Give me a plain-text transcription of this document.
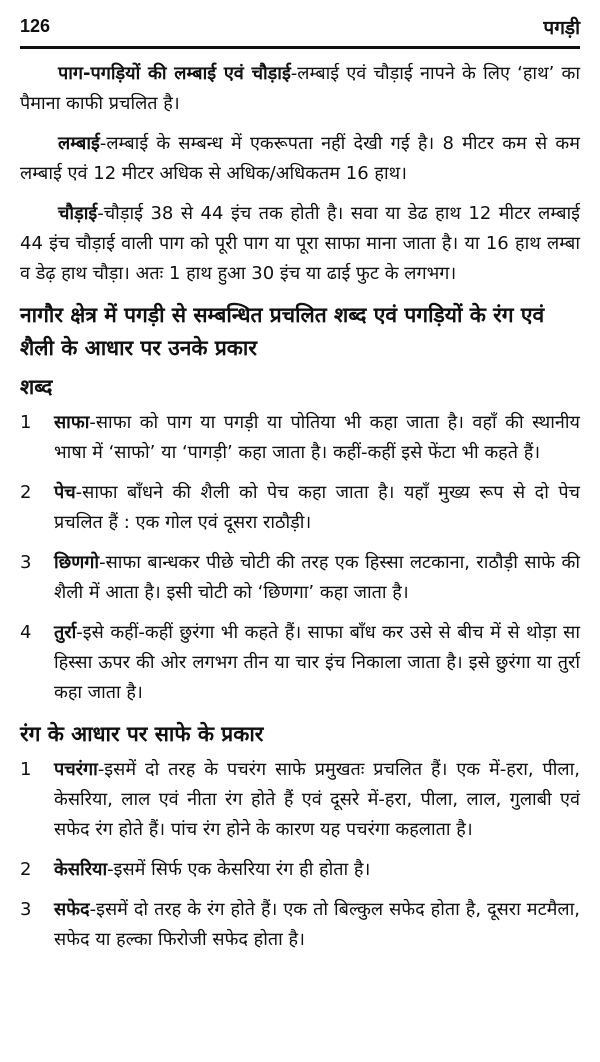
126	पगड़ी

पाग-पगड़ियों की लम्बाई एवं चौड़ाई-लम्बाई एवं चौड़ाई नापने के लिए ‘हाथ’ का पैमाना काफी प्रचलित है।

लम्बाई-लम्बाई के सम्बन्ध में एकरूपता नहीं देखी गई है। 8 मीटर कम से कम लम्बाई एवं 12 मीटर अधिक से अधिक/अधिकतम 16 हाथ।

चौड़ाई-चौड़ाई 38 से 44 इंच तक होती है। सवा या डेढ हाथ 12 मीटर लम्बाई 44 इंच चौड़ाई वाली पाग को पूरी पाग या पूरा साफा माना जाता है। या 16 हाथ लम्बा व डेढ़ हाथ चौड़ा। अतः 1 हाथ हुआ 30 इंच या ढाई फुट के लगभग।

नागौर क्षेत्र में पगड़ी से सम्बन्धित प्रचलित शब्द एवं पगड़ियों के रंग एवं शैली के आधार पर उनके प्रकार
शब्द
1	साफा-साफा को पाग या पगड़ी या पोतिया भी कहा जाता है। वहाँ की स्थानीय भाषा में ‘साफो’ या ‘पागड़ी’ कहा जाता है। कहीं-कहीं इसे फेंटा भी कहते हैं।
2	पेच-साफा बाँधने की शैली को पेच कहा जाता है। यहाँ मुख्य रूप से दो पेच प्रचलित हैं : एक गोल एवं दूसरा राठौड़ी।
3	छिणगो-साफा बान्धकर पीछे चोटी की तरह एक हिस्सा लटकाना, राठौड़ी साफे की शैली में आता है। इसी चोटी को ‘छिणगा’ कहा जाता है।
4	तुर्रा-इसे कहीं-कहीं छुरंगा भी कहते हैं। साफा बाँध कर उसे से बीच में से थोड़ा सा हिस्सा ऊपर की ओर लगभग तीन या चार इंच निकाला जाता है। इसे छुरंगा या तुर्रा कहा जाता है।
रंग के आधार पर साफे के प्रकार
1	पचरंगा-इसमें दो तरह के पचरंग साफे प्रमुखतः प्रचलित हैं। एक में-हरा, पीला, केसरिया, लाल एवं नीता रंग होते हैं एवं दूसरे में-हरा, पीला, लाल, गुलाबी एवं सफेद रंग होते हैं। पांच रंग होने के कारण यह पचरंगा कहलाता है।
2	केसरिया-इसमें सिर्फ एक केसरिया रंग ही होता है।
3	सफेद-इसमें दो तरह के रंग होते हैं। एक तो बिल्कुल सफेद होता है, दूसरा मटमैला, सफेद या हल्का फिरोजी सफेद होता है।
